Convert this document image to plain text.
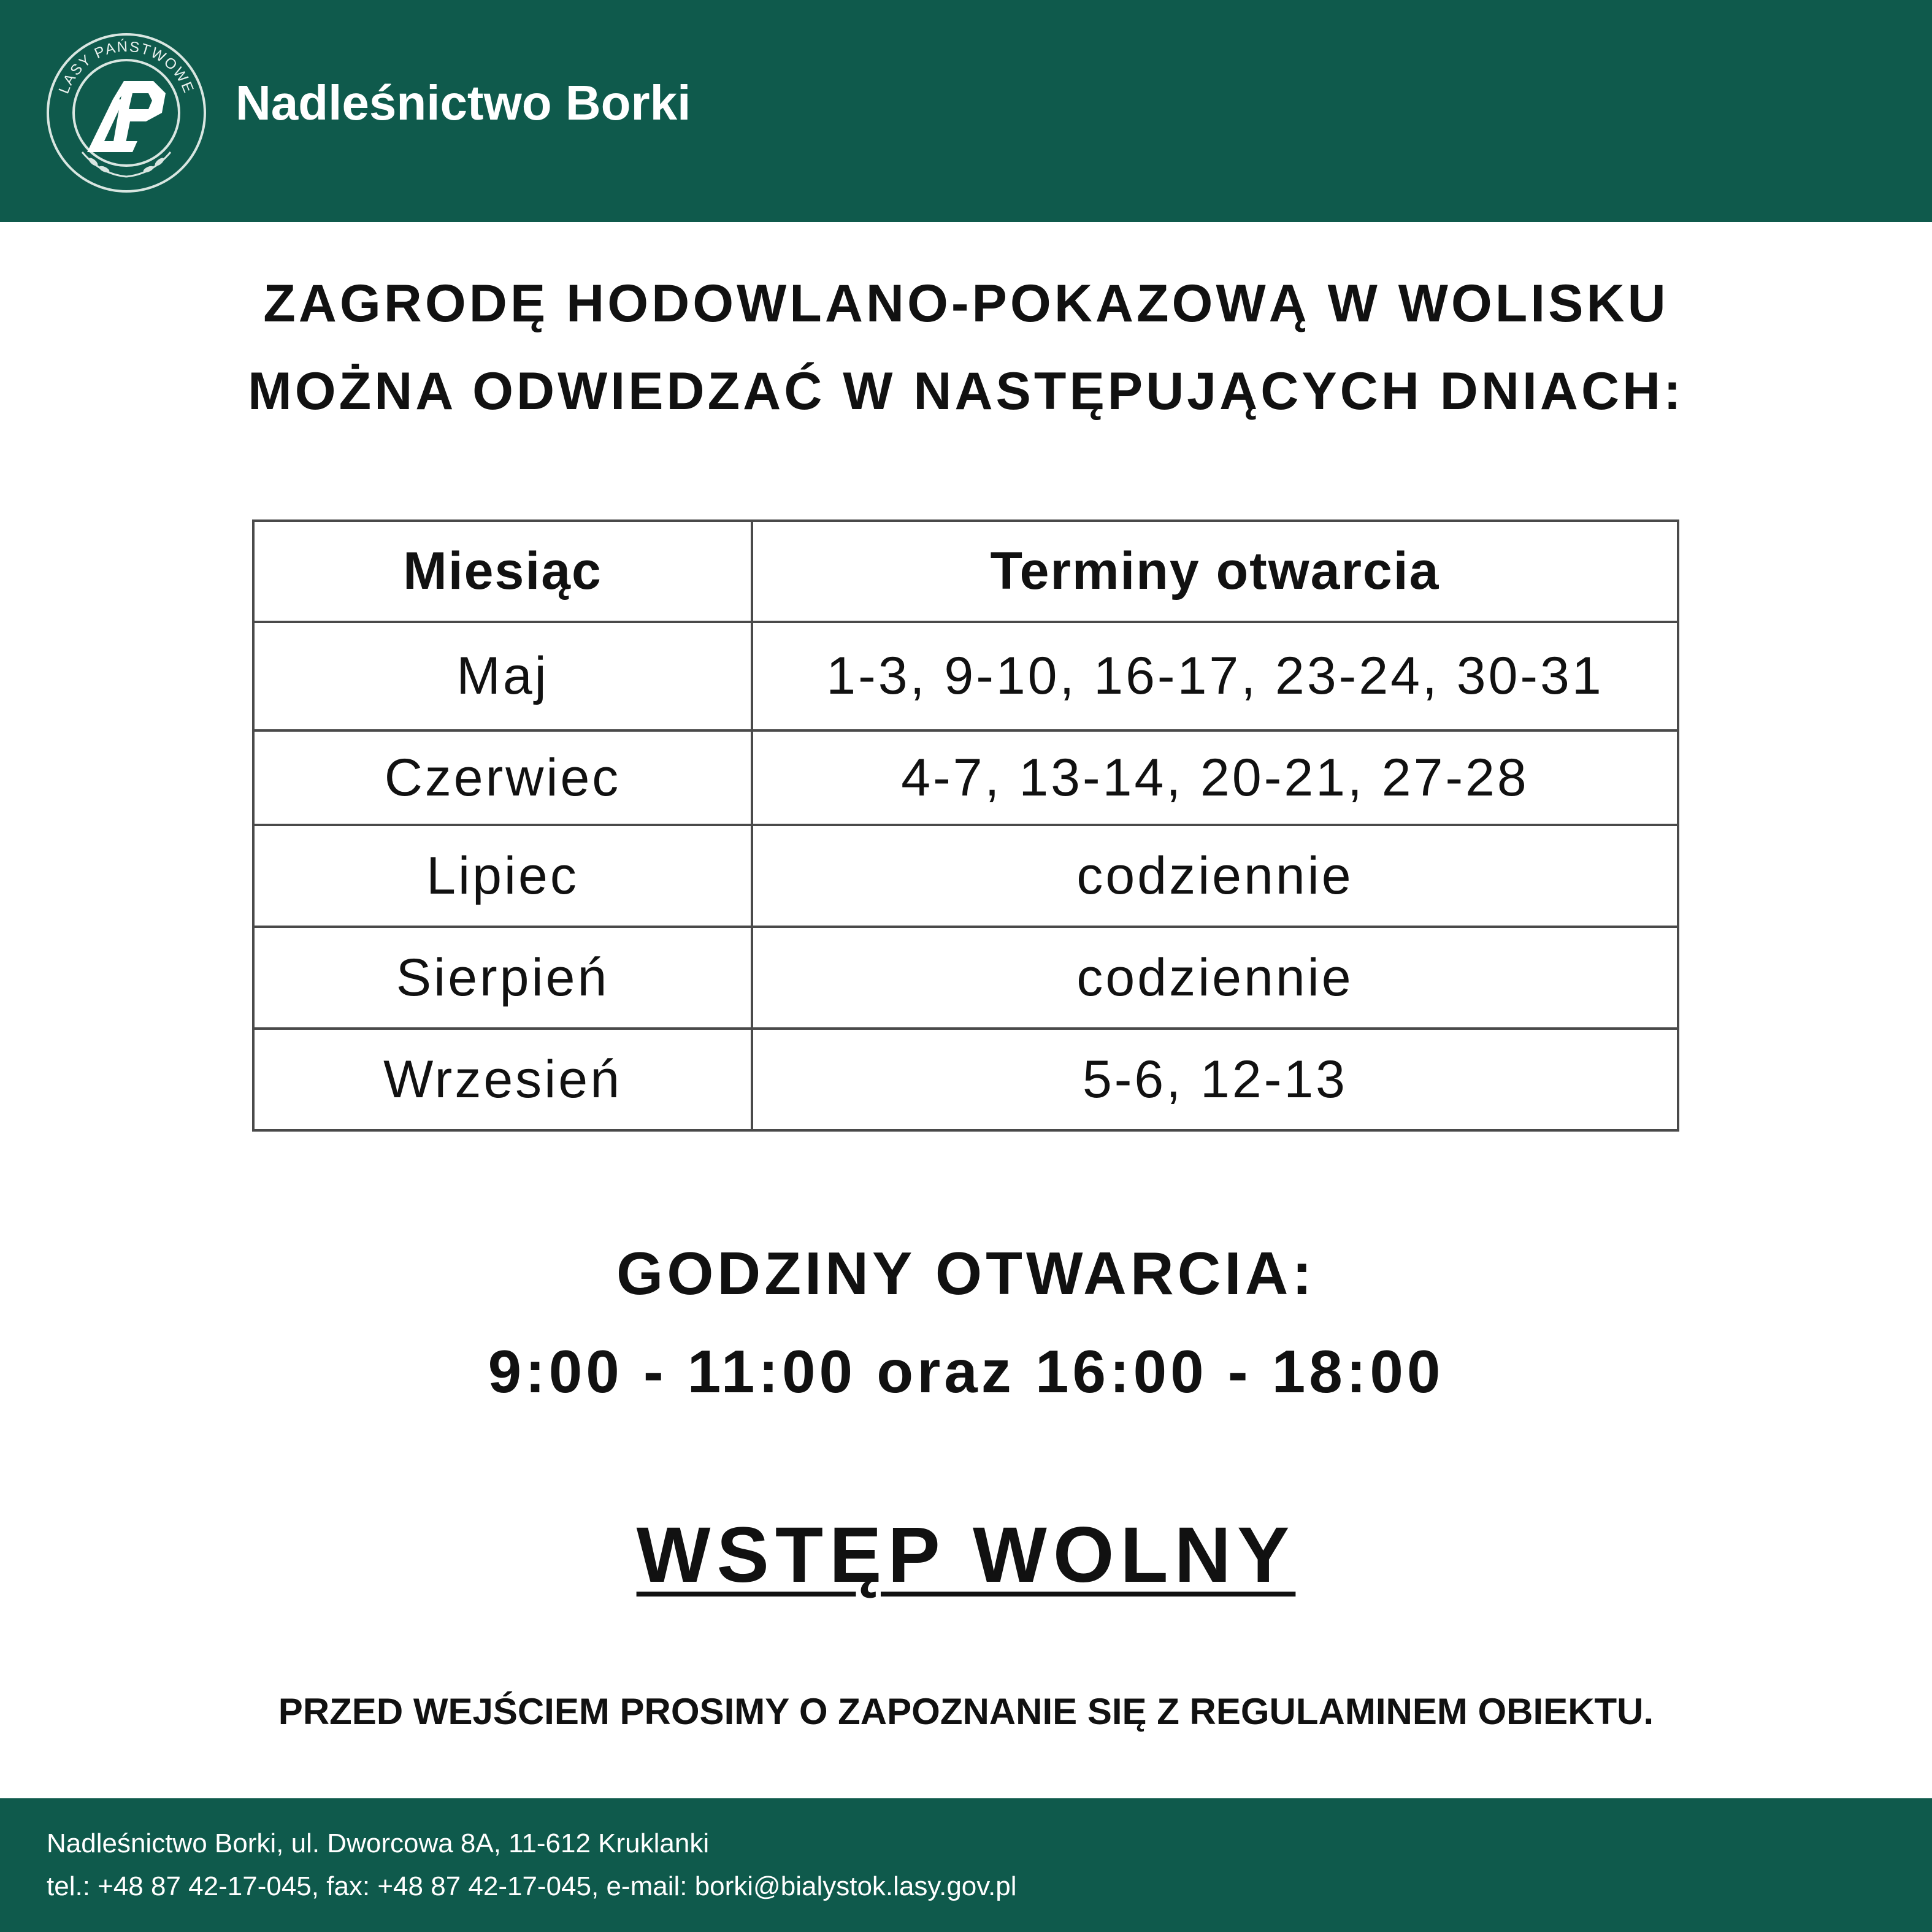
LASY PAŃSTWOWE Nadleśnictwo Borki
ZAGRODĘ HODOWLANO-POKAZOWĄ W WOLISKU
MOŻNA ODWIEDZAĆ W NASTĘPUJĄCYCH DNIACH:
Miesiąc	Terminy otwarcia
Maj	1-3, 9-10, 16-17, 23-24, 30-31
Czerwiec	4-7, 13-14, 20-21, 27-28
Lipiec	codziennie
Sierpień	codziennie
Wrzesień	5-6, 12-13
GODZINY OTWARCIA:
9:00 - 11:00 oraz 16:00 - 18:00
WSTĘP WOLNY
PRZED WEJŚCIEM PROSIMY O ZAPOZNANIE SIĘ Z REGULAMINEM OBIEKTU.
Nadleśnictwo Borki, ul. Dworcowa 8A, 11-612 Kruklanki
tel.: +48 87 42-17-045, fax: +48 87 42-17-045, e-mail: borki@bialystok.lasy.gov.pl
